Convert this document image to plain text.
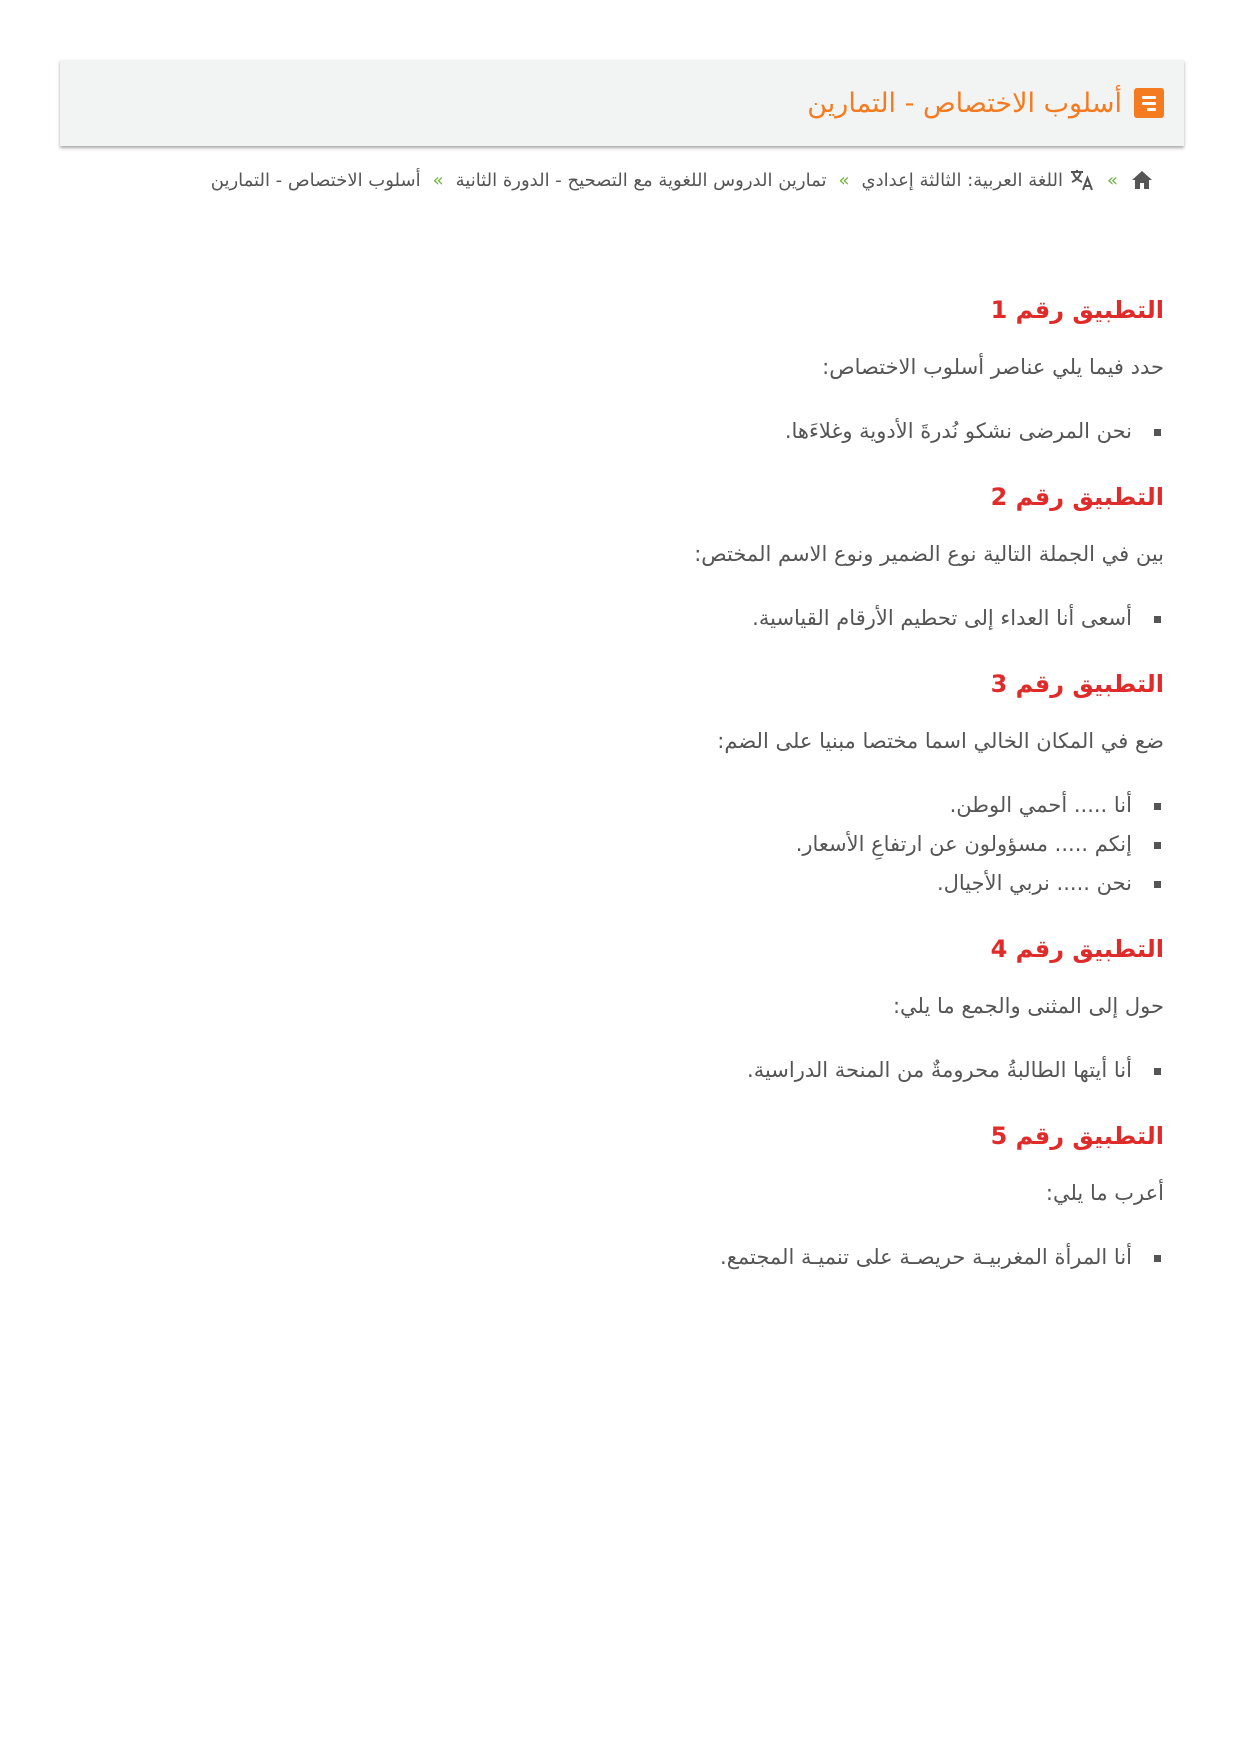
أسلوب الاختصاص - التمارين
»
اللغة العربية: الثالثة إعدادي
»
تمارين الدروس اللغوية مع التصحيح - الدورة الثانية
»
أسلوب الاختصاص - التمارين
التطبيق رقم 1

حدد فيما يلي عناصر أسلوب الاختصاص:

نحن المرضى نشكو نُدرةَ الأدوية وغلاءَها.
التطبيق رقم 2

بين في الجملة التالية نوع الضمير ونوع الاسم المختص:

أسعى أنا العداء إلى تحطيم الأرقام القياسية.
التطبيق رقم 3

ضع في المكان الخالي اسما مختصا مبنيا على الضم:

أنا ..... أحمي الوطن.
إنكم ..... مسؤولون عن ارتفاعِ الأسعار.
نحن ..... نربي الأجيال.
التطبيق رقم 4

حول إلى المثنى والجمع ما يلي:

أنا أيتها الطالبةُ محرومةٌ من المنحة الدراسية.
التطبيق رقم 5

أعرب ما يلي:

أنا المرأة المغربيـة حريصـة على تنميـة المجتمع.
